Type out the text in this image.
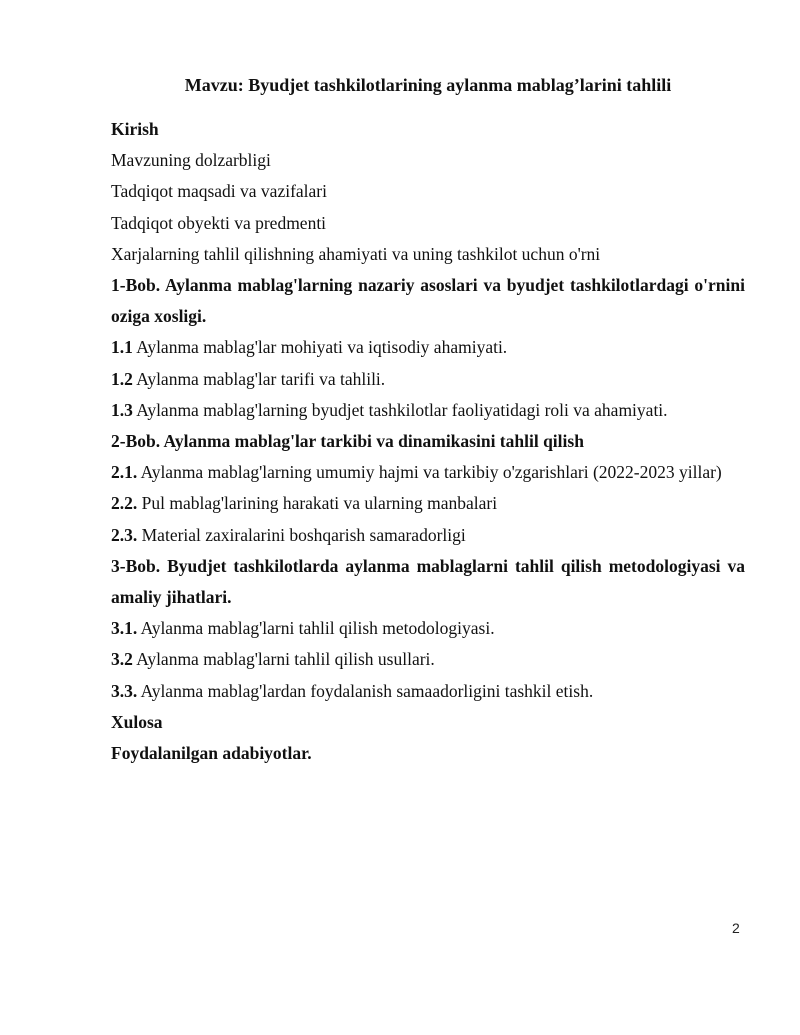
Mavzu: Byudjet tashkilotlarining aylanma mablag’larini tahlili

Kirish

Mavzuning dolzarbligi

Tadqiqot maqsadi va vazifalari

Tadqiqot obyekti va predmenti

Xarjalarning tahlil qilishning ahamiyati va uning tashkilot uchun o'rni

1-Bob. Aylanma mablag'larning nazariy asoslari va byudjet tashkilotlardagi o'rnini oziga xosligi.

1.1 Aylanma mablag'lar mohiyati va iqtisodiy ahamiyati.

1.2 Aylanma mablag'lar tarifi va tahlili.

1.3 Aylanma mablag'larning byudjet tashkilotlar faoliyatidagi roli va ahamiyati.

2-Bob. Aylanma mablag'lar tarkibi va dinamikasini tahlil qilish

2.1. Aylanma mablag'larning umumiy hajmi va tarkibiy o'zgarishlari (2022-2023 yillar)

2.2. Pul mablag'larining harakati va ularning manbalari

2.3. Material zaxiralarini boshqarish samaradorligi

3-Bob. Byudjet tashkilotlarda aylanma mablaglarni tahlil qilish metodologiyasi va amaliy jihatlari.

3.1. Aylanma mablag'larni tahlil qilish metodologiyasi.

3.2 Aylanma mablag'larni tahlil qilish usullari.

3.3. Aylanma mablag'lardan foydalanish samaadorligini tashkil etish.

Xulosa

Foydalanilgan adabiyotlar.

2
